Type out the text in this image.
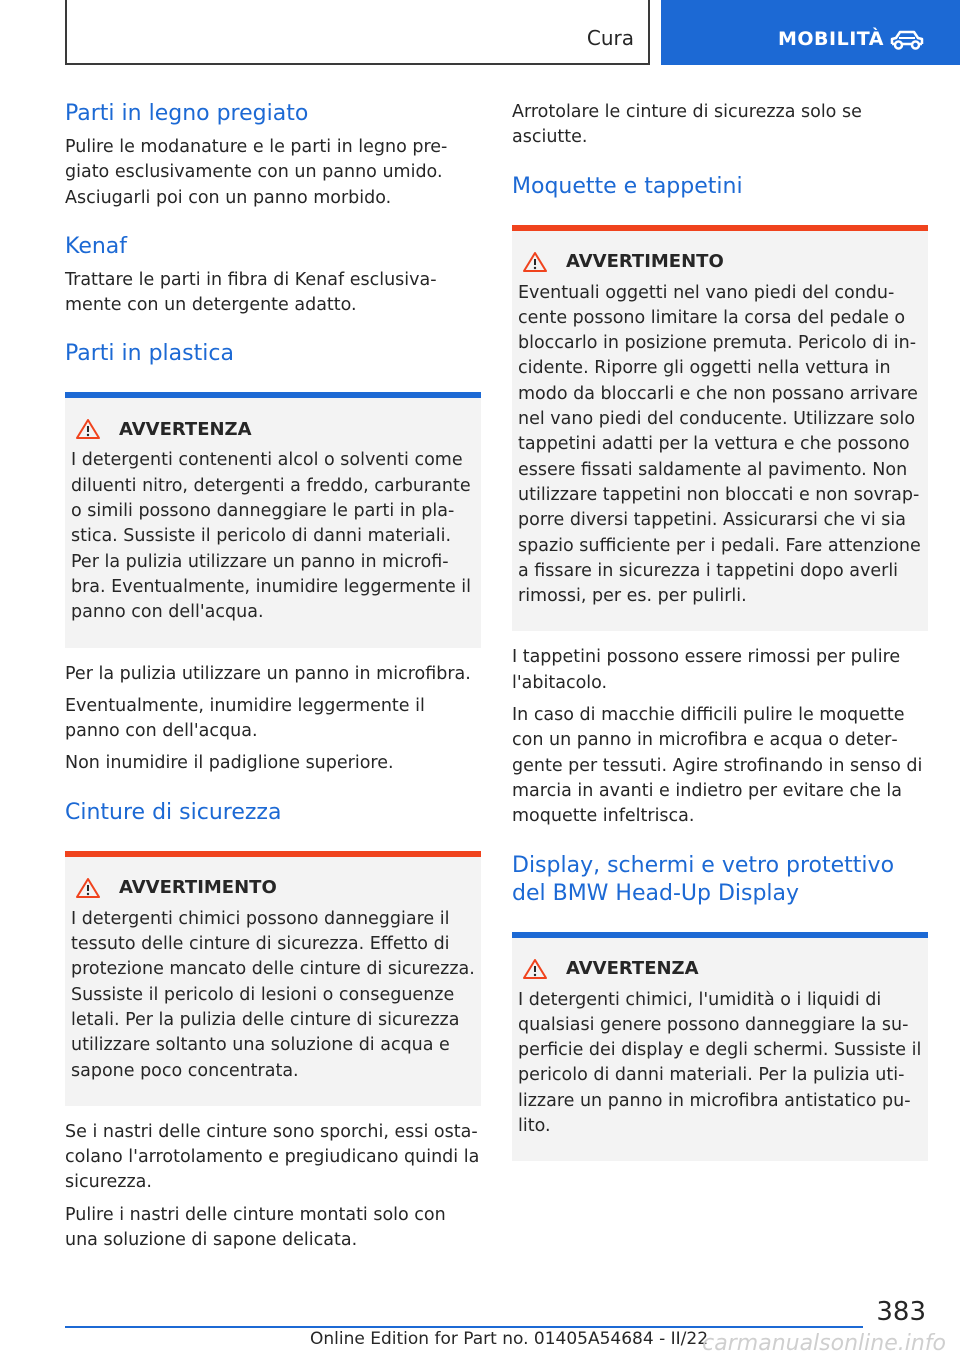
Cura	MOBILITÀ
Parti in legno pregiato

Pulire le modanature e le parti in legno pregiato esclusivamente con un panno umido. Asciugarli poi con un panno morbido.

Kenaf

Trattare le parti in fibra di Kenaf esclusivamente con un detergente adatto.

Parti in plastica
AVVERTENZA

I detergenti contenenti alcol o solventi come diluenti nitro, detergenti a freddo, carburante o simili possono danneggiare le parti in plastica. Sussiste il pericolo di danni materiali. Per la pulizia utilizzare un panno in microfibra. Eventualmente, inumidire leggermente il panno con dell'acqua.

Per la pulizia utilizzare un panno in microfibra.

Eventualmente, inumidire leggermente il panno con dell'acqua.

Non inumidire il padiglione superiore.

Cinture di sicurezza
AVVERTIMENTO

I detergenti chimici possono danneggiare il tessuto delle cinture di sicurezza. Effetto di protezione mancato delle cinture di sicurezza. Sussiste il pericolo di lesioni o conseguenze letali. Per la pulizia delle cinture di sicurezza utilizzare soltanto una soluzione di acqua e sapone poco concentrata.

Se i nastri delle cinture sono sporchi, essi ostacolano l'arrotolamento e pregiudicano quindi la sicurezza.

Pulire i nastri delle cinture montati solo con una soluzione di sapone delicata.

Arrotolare le cinture di sicurezza solo se asciutte.

Moquette e tappetini
AVVERTIMENTO

Eventuali oggetti nel vano piedi del conducente possono limitare la corsa del pedale o bloccarlo in posizione premuta. Pericolo di incidente. Riporre gli oggetti nella vettura in modo da bloccarli e che non possano arrivare nel vano piedi del conducente. Utilizzare solo tappetini adatti per la vettura e che possono essere fissati saldamente al pavimento. Non utilizzare tappetini non bloccati e non sovrapporre diversi tappetini. Assicurarsi che vi sia spazio sufficiente per i pedali. Fare attenzione a fissare in sicurezza i tappetini dopo averli rimossi, per es. per pulirli.

I tappetini possono essere rimossi per pulire l'abitacolo.

In caso di macchie difficili pulire le moquette con un panno in microfibra e acqua o detergente per tessuti. Agire strofinando in senso di marcia in avanti e indietro per evitare che la moquette infeltrisca.

Display, schermi e vetro protettivo del BMW Head-Up Display
AVVERTENZA

I detergenti chimici, l'umidità o i liquidi di qualsiasi genere possono danneggiare la superficie dei display e degli schermi. Sussiste il pericolo di danni materiali. Per la pulizia utilizzare un panno in microfibra antistatico pulito.

383
Online Edition for Part no. 01405A54684 - II/22
carmanualsonline.info
